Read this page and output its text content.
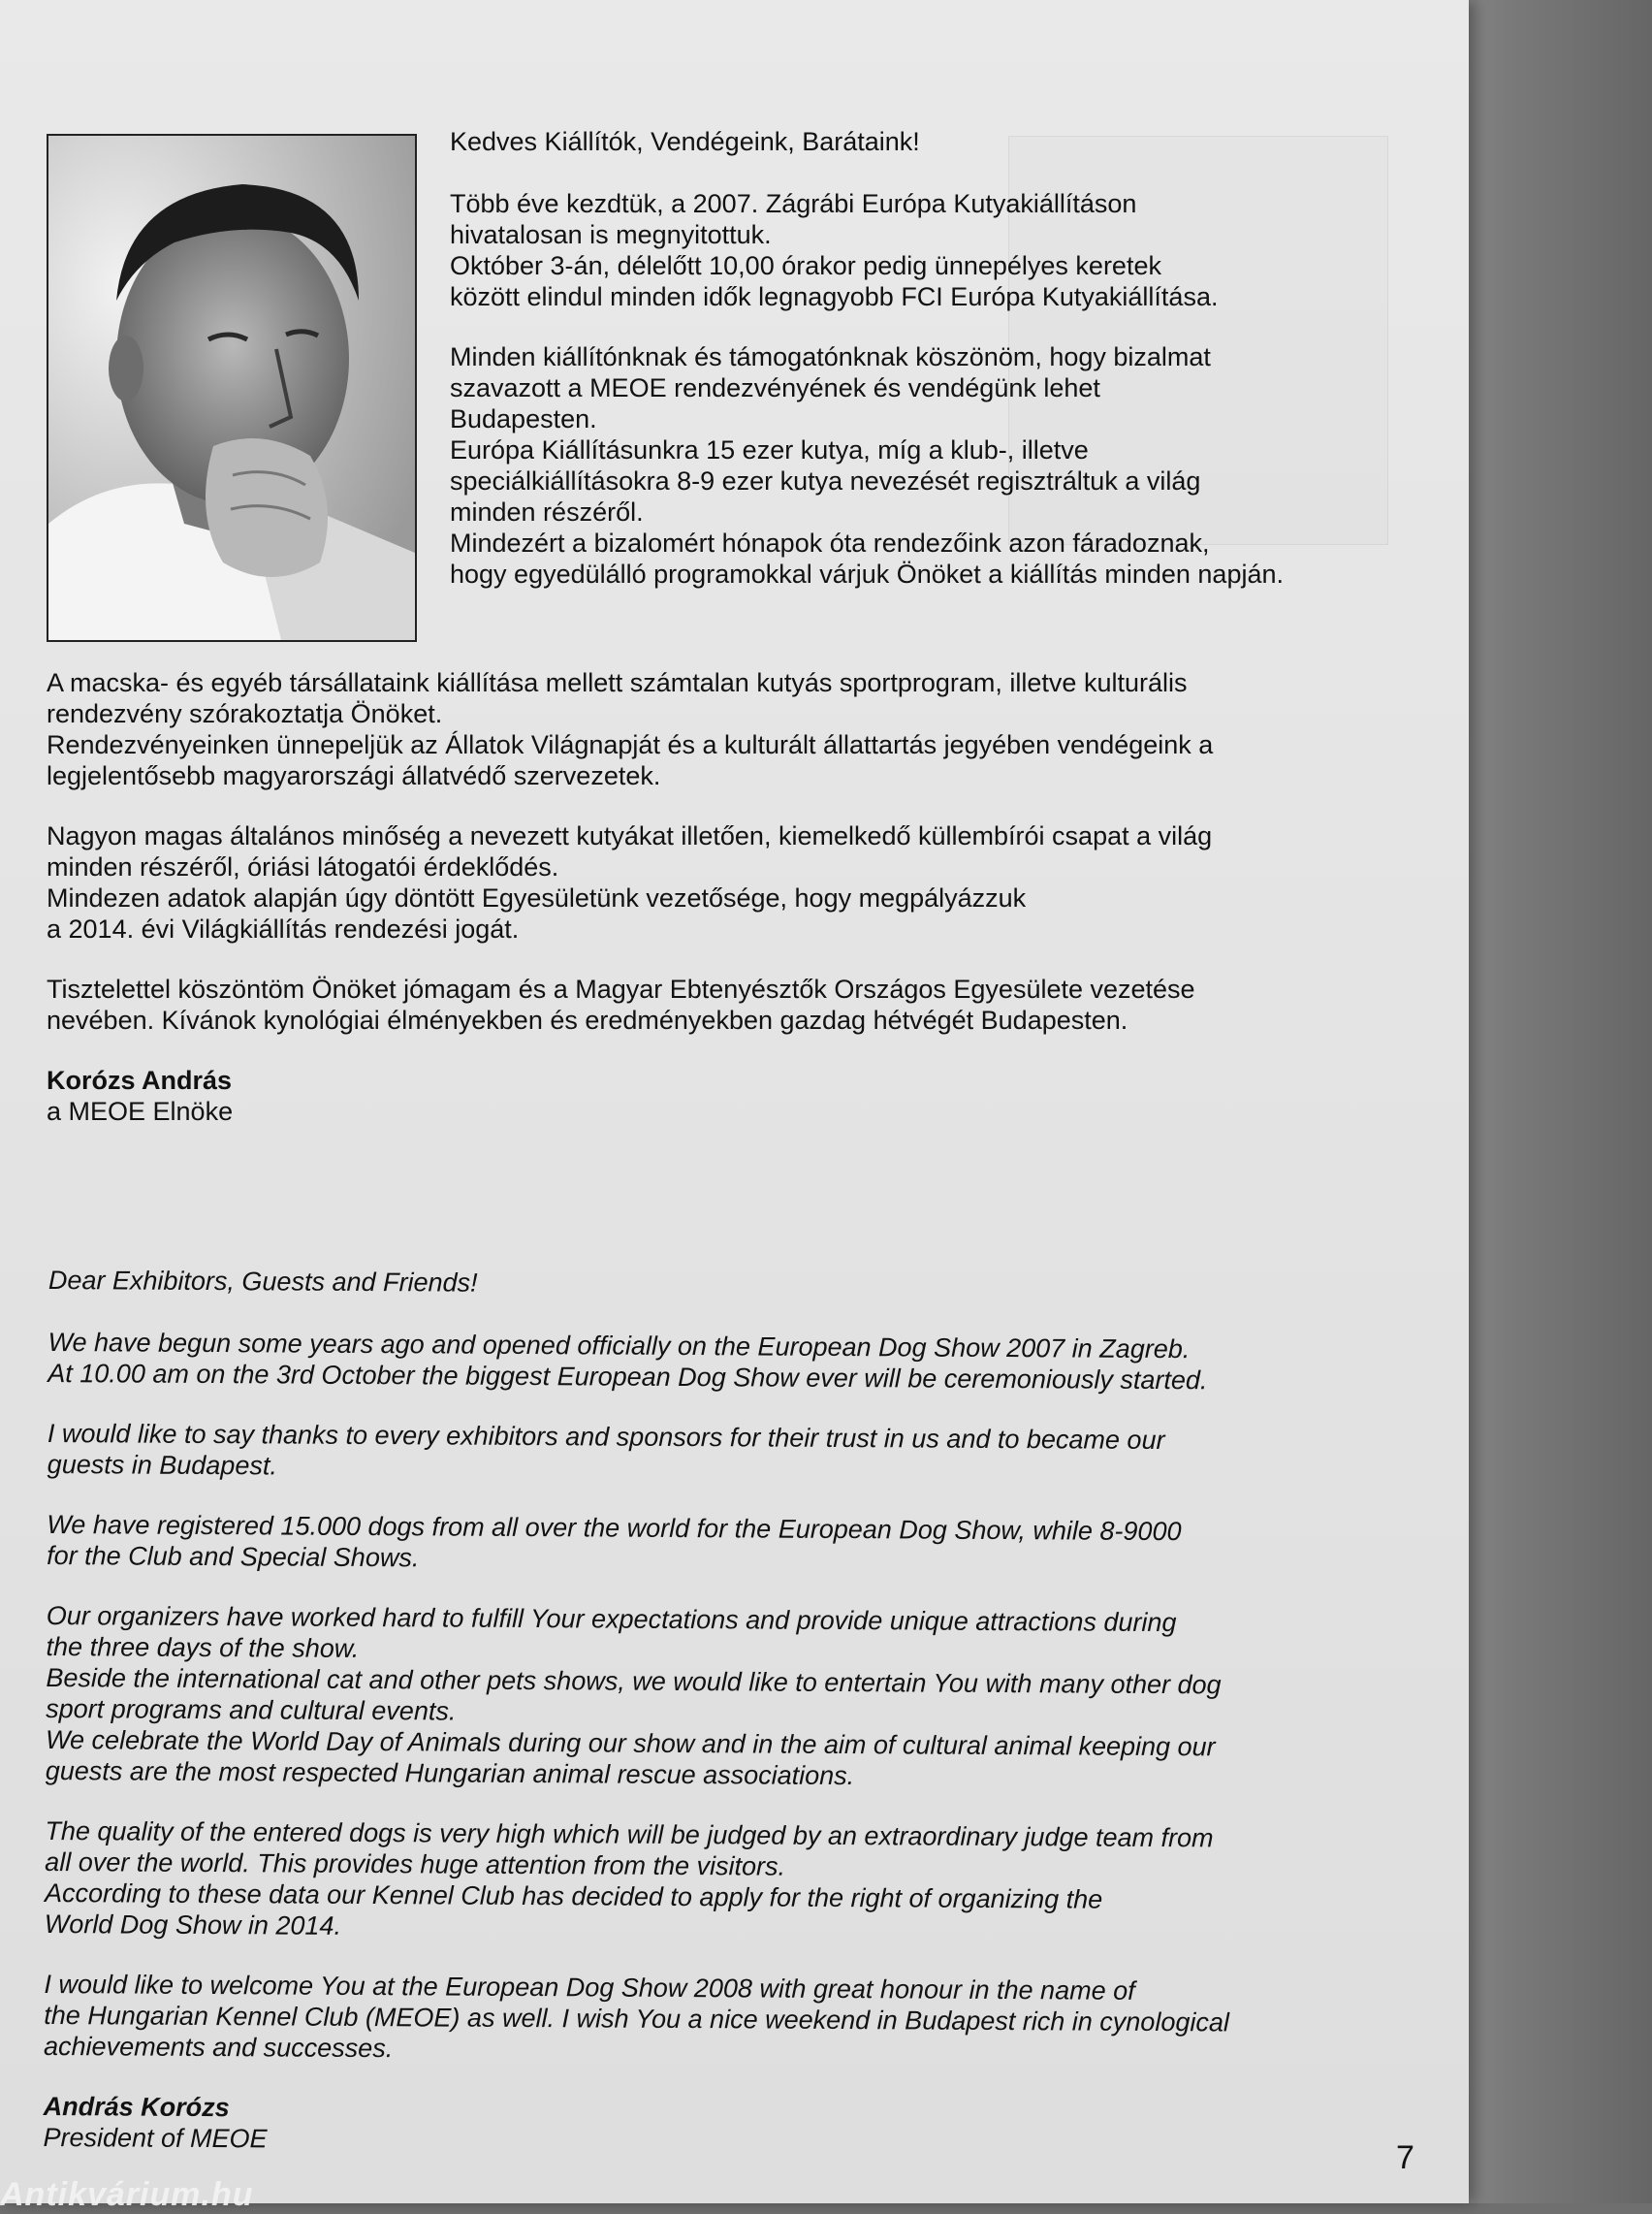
Kedves Kiállítók, Vendégeink, Barátaink!

Több éve kezdtük, a 2007. Zágrábi Európa Kutyakiállításon
hivatalosan is megnyitottuk.
Október 3-án, délelőtt 10,00 órakor pedig ünnepélyes keretek
között elindul minden idők legnagyobb FCI Európa Kutyakiállítása.

Minden kiállítónknak és támogatónknak köszönöm, hogy bizalmat
szavazott a MEOE rendezvényének és vendégünk lehet
Budapesten.
Európa Kiállításunkra 15 ezer kutya, míg a klub-, illetve
speciálkiállításokra 8-9 ezer kutya nevezését regisztráltuk a világ
minden részéről.
Mindezért a bizalomért hónapok óta rendezőink azon fáradoznak,
hogy egyedülálló programokkal várjuk Önöket a kiállítás minden napján.

A macska- és egyéb társállataink kiállítása mellett számtalan kutyás sportprogram, illetve kulturális
rendezvény szórakoztatja Önöket.
Rendezvényeinken ünnepeljük az Állatok Világnapját és a kulturált állattartás jegyében vendégeink a
legjelentősebb magyarországi állatvédő szervezetek.

Nagyon magas általános minőség a nevezett kutyákat illetően, kiemelkedő küllembírói csapat a világ
minden részéről, óriási látogatói érdeklődés.
Mindezen adatok alapján úgy döntött Egyesületünk vezetősége, hogy megpályázzuk
a 2014. évi Világkiállítás rendezési jogát.

Tisztelettel köszöntöm Önöket jómagam és a Magyar Ebtenyésztők Országos Egyesülete vezetése
nevében. Kívánok kynológiai élményekben és eredményekben gazdag hétvégét Budapesten.

Korózs András
a MEOE Elnöke

Dear Exhibitors, Guests and Friends!

We have begun some years ago and opened officially on the European Dog Show 2007 in Zagreb.
At 10.00 am on the 3rd October the biggest European Dog Show ever will be ceremoniously started.

I would like to say thanks to every exhibitors and sponsors for their trust in us and to became our
guests in Budapest.

We have registered 15.000 dogs from all over the world for the European Dog Show, while 8-9000
for the Club and Special Shows.

Our organizers have worked hard to fulfill Your expectations and provide unique attractions during
the three days of the show.
Beside the international cat and other pets shows, we would like to entertain You with many other dog
sport programs and cultural events.
We celebrate the World Day of Animals during our show and in the aim of cultural animal keeping our
guests are the most respected Hungarian animal rescue associations.

The quality of the entered dogs is very high which will be judged by an extraordinary judge team from
all over the world. This provides huge attention from the visitors.
According to these data our Kennel Club has decided to apply for the right of organizing the
World Dog Show in 2014.

I would like to welcome You at the European Dog Show 2008 with great honour in the name of
the Hungarian Kennel Club (MEOE) as well. I wish You a nice weekend in Budapest rich in cynological
achievements and successes.

András Korózs
President of MEOE

7
Antikvárium.hu
